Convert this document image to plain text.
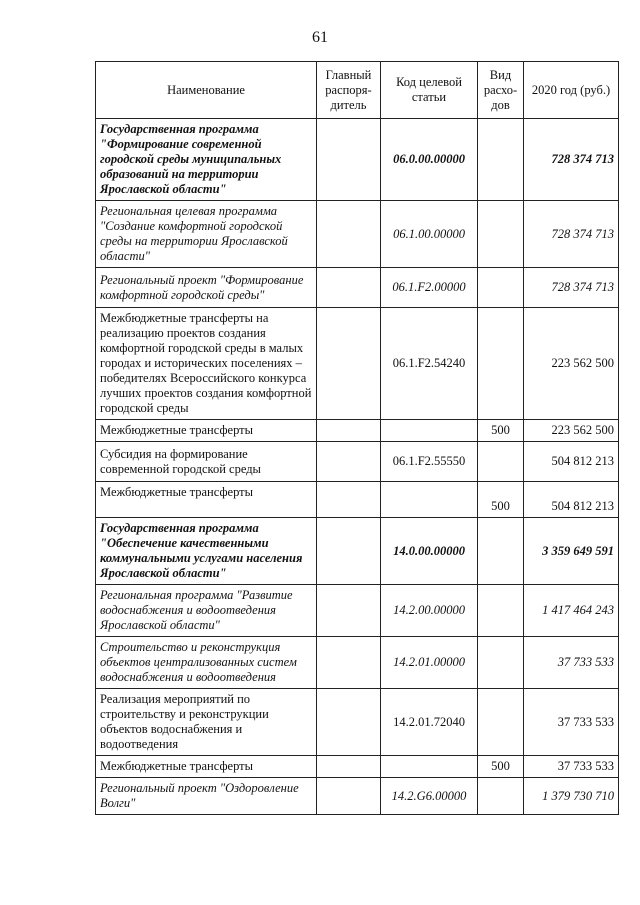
61
Наименование	Главный распоря-дитель	Код целевой статьи	Вид расхо-дов	2020 год (руб.)
Государственная программа "Формирование современной городской среды муниципальных образований на территории Ярославской области"		06.0.00.00000		728 374 713
Региональная целевая программа "Создание комфортной городской среды на территории Ярославской области"		06.1.00.00000		728 374 713
Региональный проект "Формирование комфортной городской среды"		06.1.F2.00000		728 374 713
Межбюджетные трансферты на реализацию проектов создания комфортной городской среды в малых городах и исторических поселениях – победителях Всероссийского конкурса лучших проектов создания комфортной городской среды		06.1.F2.54240		223 562 500
Межбюджетные трансферты			500	223 562 500
Субсидия на формирование современной городской среды		06.1.F2.55550		504 812 213
Межбюджетные трансферты			500	504 812 213
Государственная программа "Обеспечение качественными коммунальными услугами населения Ярославской области"		14.0.00.00000		3 359 649 591
Региональная программа "Развитие водоснабжения и водоотведения Ярославской области"		14.2.00.00000		1 417 464 243
Строительство и реконструкция объектов централизованных систем водоснабжения и водоотведения		14.2.01.00000		37 733 533
Реализация мероприятий по строительству и реконструкции объектов водоснабжения и водоотведения		14.2.01.72040		37 733 533
Межбюджетные трансферты			500	37 733 533
Региональный проект "Оздоровление Волги"		14.2.G6.00000		1 379 730 710
